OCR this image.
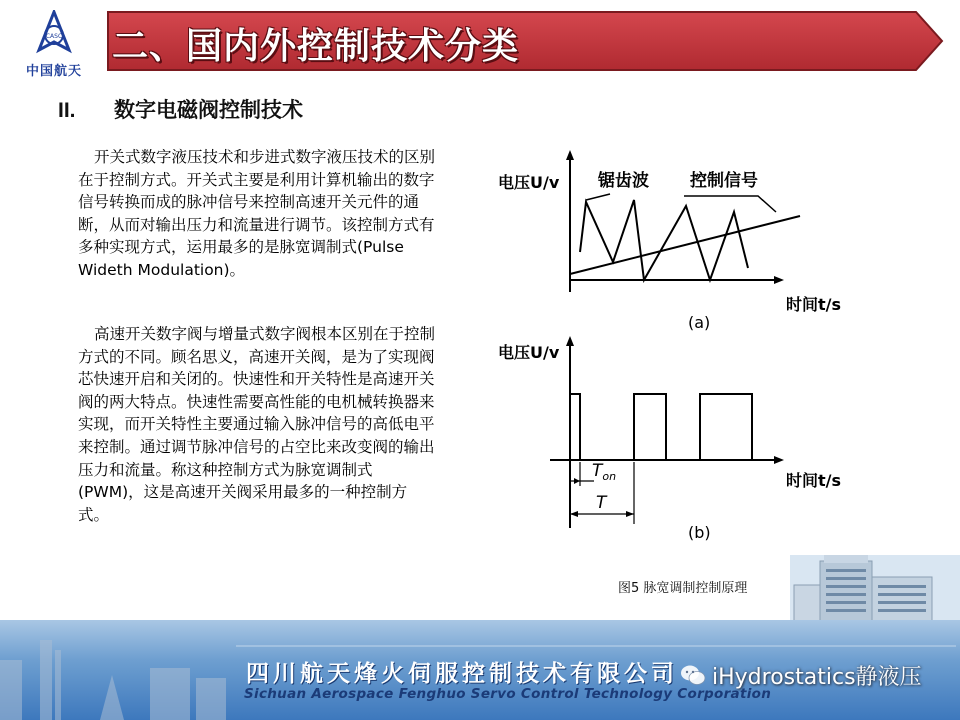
CASC
中国航天
二、国内外控制技术分类
II. 数字电磁阀控制技术

开关式数字液压技术和步进式数字液压技术的区别在于控制方式。开关式主要是利用计算机输出的数字信号转换而成的脉冲信号来控制高速开关元件的通断，从而对输出压力和流量进行调节。该控制方式有多种实现方式，运用最多的是脉宽调制式(Pulse Wideth Modulation)。

高速开关数字阀与增量式数字阀根本区别在于控制方式的不同。顾名思义，高速开关阀，是为了实现阀芯快速开启和关闭的。快速性和开关特性是高速开关阀的两大特点。快速性需要高性能的电机械转换器来实现，而开关特性主要通过输入脉冲信号的高低电平来控制。通过调节脉冲信号的占空比来改变阀的输出压力和流量。称这种控制方式为脉宽调制式(PWM)，这是高速开关阀采用最多的一种控制方式。

电压U/v
时间t/s
锯齿波 控制信号
(a)
电压U/v
时间t/s
$T_{on}$
T
(b)
图5 脉宽调制控制原理
四川航天烽火伺服控制技术有限公司
Sichuan Aerospace Fenghuo Servo Control Technology Corporation
iHydrostatics静液压
